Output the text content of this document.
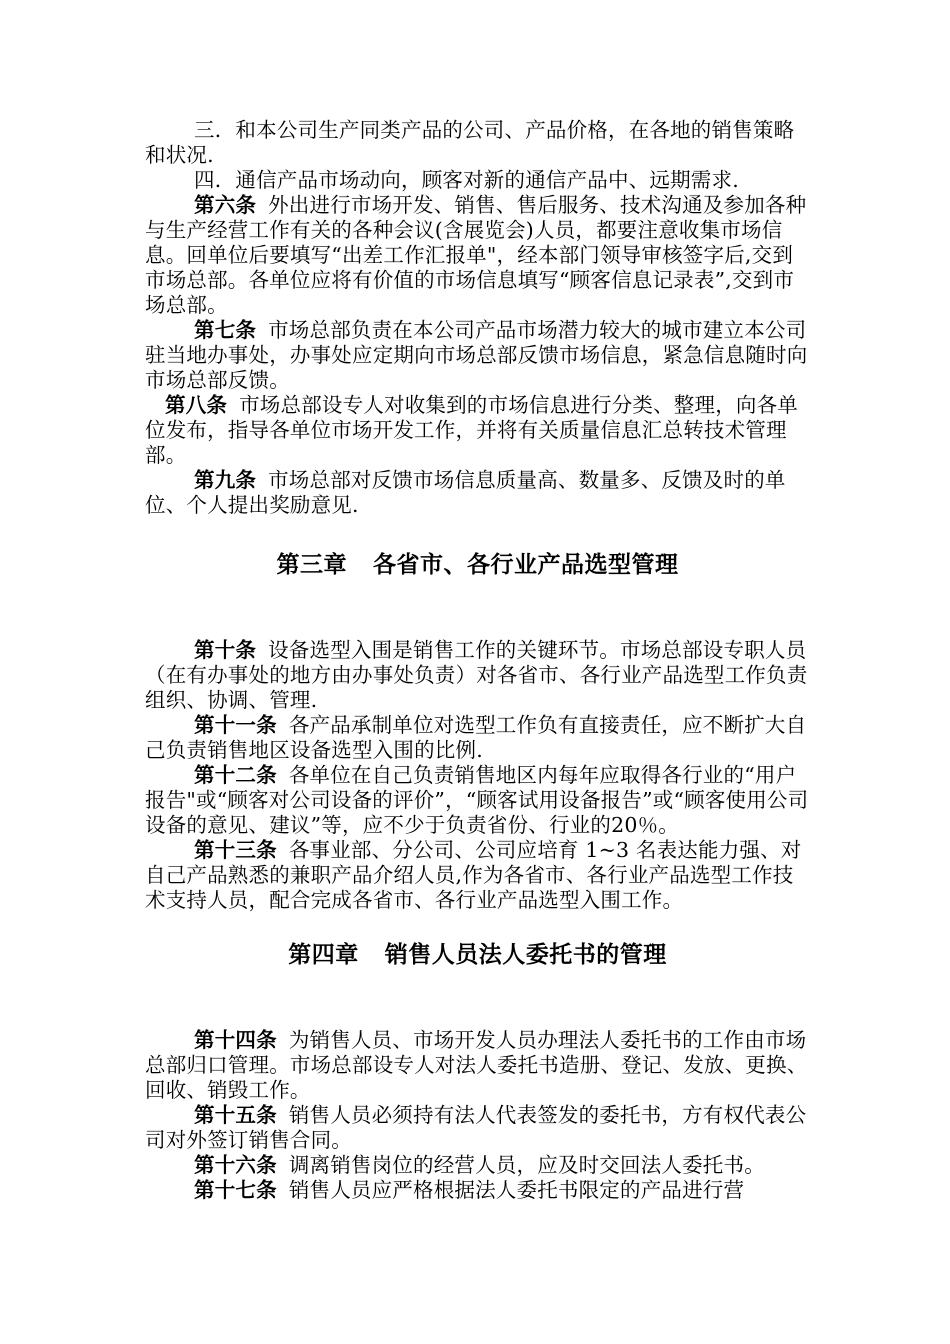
三．和本公司生产同类产品的公司、产品价格，在各地的销售策略和状况.

四．通信产品市场动向，顾客对新的通信产品中、远期需求.

第六条 外出进行市场开发、销售、售后服务、技术沟通及参加各种与生产经营工作有关的各种会议(含展览会)人员，都要注意收集市场信息。回单位后要填写“出差工作汇报单"，经本部门领导审核签字后,交到市场总部。各单位应将有价值的市场信息填写“顾客信息记录表”,交到市场总部。

第七条 市场总部负责在本公司产品市场潜力较大的城市建立本公司驻当地办事处，办事处应定期向市场总部反馈市场信息，紧急信息随时向市场总部反馈。

第八条 市场总部设专人对收集到的市场信息进行分类、整理，向各单位发布，指导各单位市场开发工作，并将有关质量信息汇总转技术管理部。

第九条 市场总部对反馈市场信息质量高、数量多、反馈及时的单位、个人提出奖励意见.

第三章 各省市、各行业产品选型管理

第十条 设备选型入围是销售工作的关键环节。市场总部设专职人员（在有办事处的地方由办事处负责）对各省市、各行业产品选型工作负责组织、协调、管理.

第十一条 各产品承制单位对选型工作负有直接责任，应不断扩大自己负责销售地区设备选型入围的比例.

第十二条 各单位在自己负责销售地区内每年应取得各行业的“用户报告"或“顾客对公司设备的评价”，“顾客试用设备报告”或“顾客使用公司设备的意见、建议”等，应不少于负责省份、行业的20％。

第十三条 各事业部、分公司、公司应培育 1~3 名表达能力强、对自己产品熟悉的兼职产品介绍人员,作为各省市、各行业产品选型工作技术支持人员，配合完成各省市、各行业产品选型入围工作。

第四章 销售人员法人委托书的管理

第十四条 为销售人员、市场开发人员办理法人委托书的工作由市场总部归口管理。市场总部设专人对法人委托书造册、登记、发放、更换、回收、销毁工作。

第十五条 销售人员必须持有法人代表签发的委托书，方有权代表公司对外签订销售合同。

第十六条 调离销售岗位的经营人员，应及时交回法人委托书。

第十七条 销售人员应严格根据法人委托书限定的产品进行营
